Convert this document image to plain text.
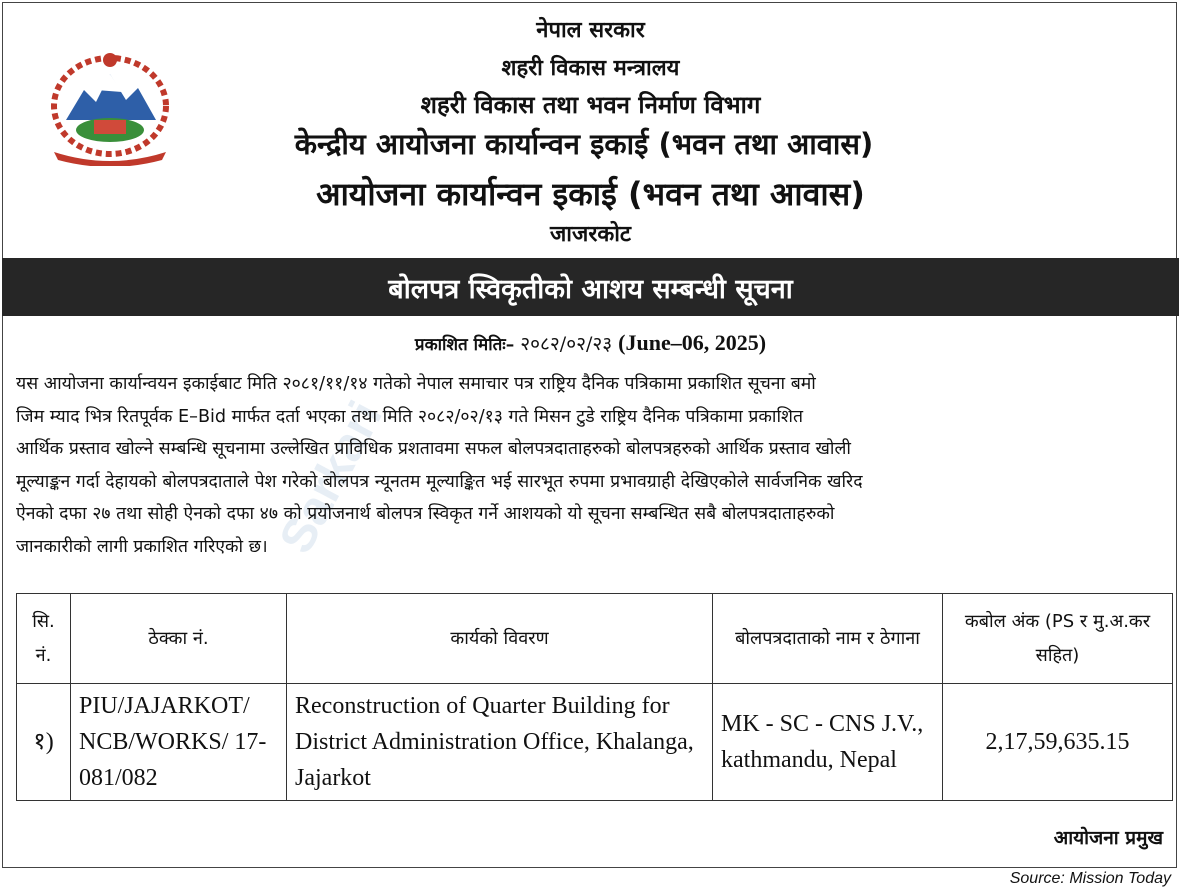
नेपाल सरकार
शहरी विकास मन्त्रालय
शहरी विकास तथा भवन निर्माण विभाग
केन्द्रीय आयोजना कार्यान्वन इकाई (भवन तथा आवास)
आयोजना कार्यान्वन इकाई (भवन तथा आवास)
जाजरकोट
बोलपत्र स्विकृतीको आशय सम्बन्धी सूचना
Sarkari
प्रकाशित मितिः– २०८२/०२/२३ (June–06, 2025)
यस आयोजना कार्यान्वयन इकाईबाट मिति २०८१/११/१४ गतेको नेपाल समाचार पत्र राष्ट्रिय दैनिक पत्रिकामा प्रकाशित सूचना बमो
जिम म्याद भित्र रितपूर्वक E–Bid मार्फत दर्ता भएका तथा मिति २०८२/०२/१३ गते मिसन टुडे राष्ट्रिय दैनिक पत्रिकामा प्रकाशित
आर्थिक प्रस्ताव खोल्ने सम्बन्धि सूचनामा उल्लेखित प्राविधिक प्रशतावमा सफल बोलपत्रदाताहरुको बोलपत्रहरुको आर्थिक प्रस्ताव खोली
मूल्याङ्कन गर्दा देहायको बोलपत्रदाताले पेश गरेको बोलपत्र न्यूनतम मूल्याङ्कित भई सारभूत रुपमा प्रभावग्राही देखिएकोले सार्वजनिक खरिद
ऐनको दफा २७ तथा सोही ऐनको दफा ४७ को प्रयोजनार्थ बोलपत्र स्विकृत गर्ने आशयको यो सूचना सम्बन्धित सबै बोलपत्रदाताहरुको
जानकारीको लागी प्रकाशित गरिएको छ।
सि. नं.	ठेक्का नं.	कार्यको विवरण	बोलपत्रदाताको नाम र ठेगाना	कबोल अंक (PS र मु.अ.कर सहित)
१)	PIU/JAJARKOT/ NCB/WORKS/ 17-081/082	Reconstruction of Quarter Building for District Administration Office, Khalanga, Jajarkot	MK - SC - CNS J.V., kathmandu, Nepal	2,17,59,635.15
आयोजना प्रमुख
Source: Mission Today
